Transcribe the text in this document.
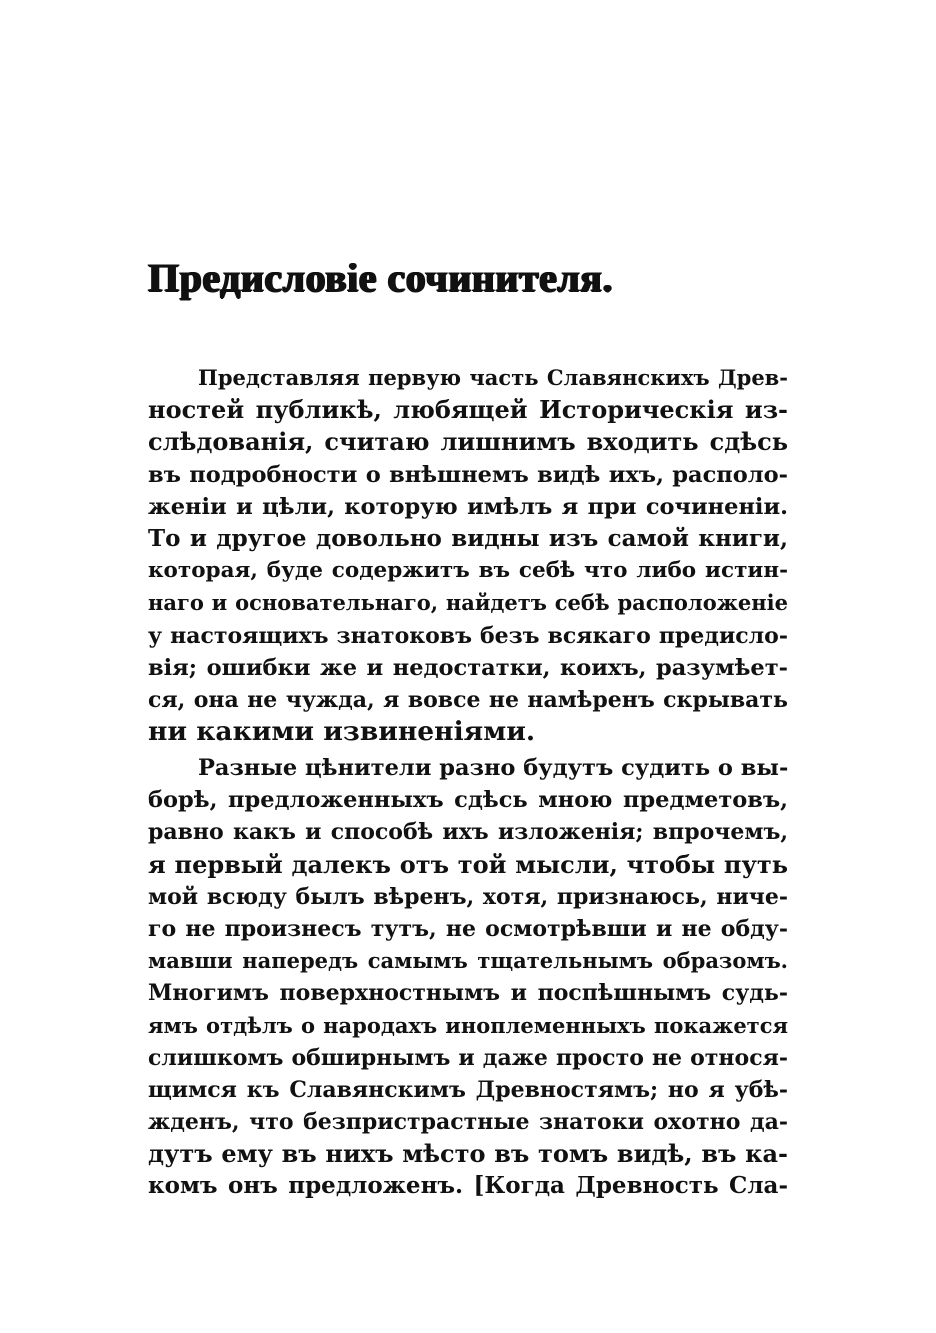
Предисловіе сочинителя.
Представляя первую часть Славянскихъ Древ-
ностей публикѣ, любящей Историческія из-
слѣдованія, считаю лишнимъ входить сдѣсь
въ подробности о внѣшнемъ видѣ ихъ, располо-
женіи и цѣли, которую имѣлъ я при сочиненіи.
То и другое довольно видны изъ самой книги,
которая, буде содержитъ въ себѣ что либо истин-
наго и основательнаго, найдетъ себѣ расположеніе
у настоящихъ знатоковъ безъ всякаго предисло-
вія; ошибки же и недостатки, коихъ, разумѣет-
ся, она не чужда, я вовсе не намѣренъ скрывать
ни какими извиненіями.
Разные цѣнители разно будутъ судить о вы-
борѣ, предложенныхъ сдѣсь мною предметовъ,
равно какъ и способѣ ихъ изложенія; впрочемъ,
я первый далекъ отъ той мысли, чтобы путь
мой всюду былъ вѣренъ, хотя, признаюсь, ниче-
го не произнесъ тутъ, не осмотрѣвши и не обду-
мавши напередъ самымъ тщательнымъ образомъ.
Многимъ поверхностнымъ и поспѣшнымъ судь-
ямъ отдѣлъ о народахъ иноплеменныхъ покажется
слишкомъ обширнымъ и даже просто не относя-
щимся къ Славянскимъ Древностямъ; но я убѣ-
жденъ, что безпристрастные знатоки охотно да-
дутъ ему въ нихъ мѣсто въ томъ видѣ, въ ка-
комъ онъ предложенъ. [Когда Древность Сла-
